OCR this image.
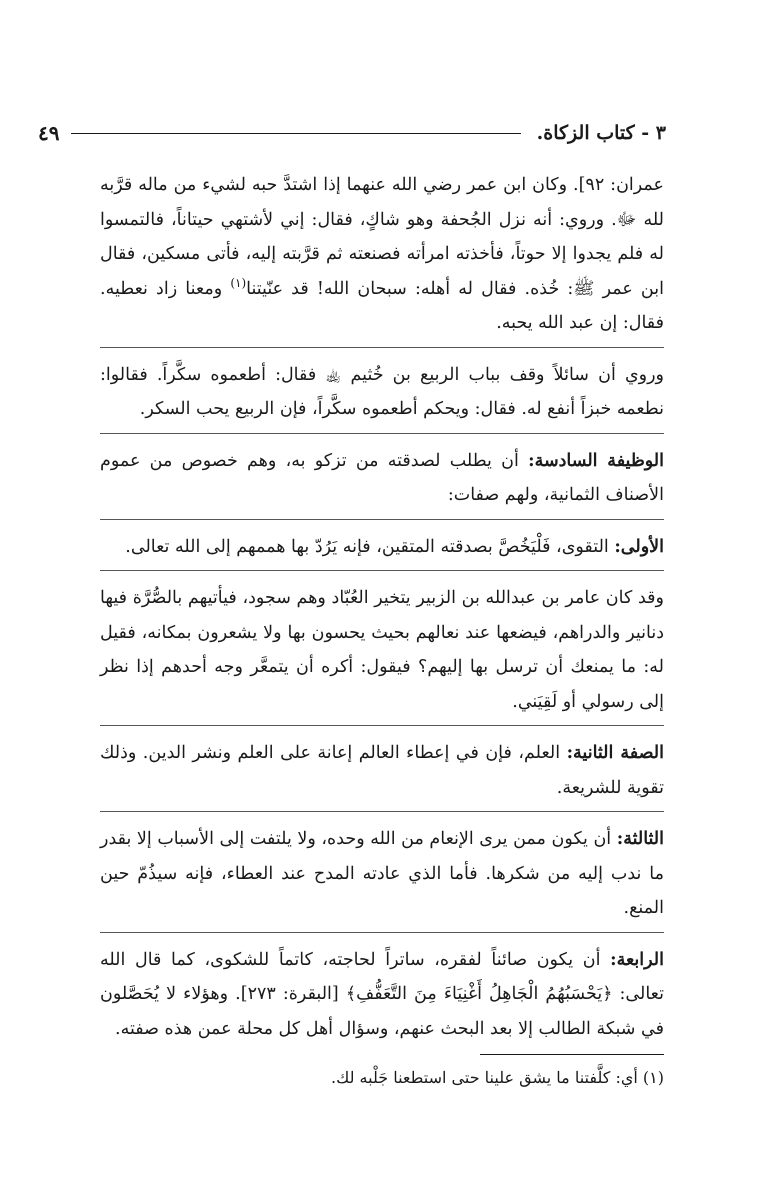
٣ - كتاب الزكاة.
٤٩

عمران: ٩٢]. وكان ابن عمر رضي الله عنهما إذا اشتدَّ حبه لشيء من ماله قرَّبه لله ﷻ. وروي: أنه نزل الجُحفة وهو شاكٍ، فقال: إني لأشتهي حيتاناً، فالتمسوا له فلم يجدوا إلا حوتاً، فأخذته امرأته فصنعته ثم قرَّبته إليه، فأتى مسكين، فقال ابن عمر ﷺ: خُذه. فقال له أهله: سبحان الله! قد عنّيتنا$^{(١)}$ ومعنا زاد نعطيه. فقال: إن عبد الله يحبه.

وروي أن سائلاً وقف بباب الربيع بن خُثيم ﵀ فقال: أطعموه سكَّراً. فقالوا: نطعمه خبزاً أنفع له. فقال: ويحكم أطعموه سكَّراً، فإن الربيع يحب السكر.

الوظيفة السادسة: أن يطلب لصدقته من تزكو به، وهم خصوص من عموم الأصناف الثمانية، ولهم صفات:

الأولى: التقوى، فَلْيَخُصَّ بصدقته المتقين، فإنه يَرُدّ بها هممهم إلى الله تعالى.

وقد كان عامر بن عبدالله بن الزبير يتخير العُبّاد وهم سجود، فيأتيهم بالصُّرَّة فيها دنانير والدراهم، فيضعها عند نعالهم بحيث يحسون بها ولا يشعرون بمكانه، فقيل له: ما يمنعك أن ترسل بها إليهم؟ فيقول: أكره أن يتمعَّر وجه أحدهم إذا نظر إلى رسولي أو لَقِيَني.

الصفة الثانية: العلم، فإن في إعطاء العالم إعانة على العلم ونشر الدين. وذلك تقوية للشريعة.

الثالثة: أن يكون ممن يرى الإنعام من الله وحده، ولا يلتفت إلى الأسباب إلا بقدر ما ندب إليه من شكرها. فأما الذي عادته المدح عند العطاء، فإنه سيذُمّ حين المنع.

الرابعة: أن يكون صائناً لفقره، ساتراً لحاجته، كاتماً للشكوى، كما قال الله تعالى: ﴿يَحْسَبُهُمُ الْجَاهِلُ أَغْنِيَاءَ مِنَ التَّعَفُّفِ﴾ [البقرة: ٢٧٣]. وهؤلاء لا يُحَصَّلون في شبكة الطالب إلا بعد البحث عنهم، وسؤال أهل كل محلة عمن هذه صفته.

(١) أي: كلَّفتنا ما يشق علينا حتى استطعنا جَلْبه لك.
